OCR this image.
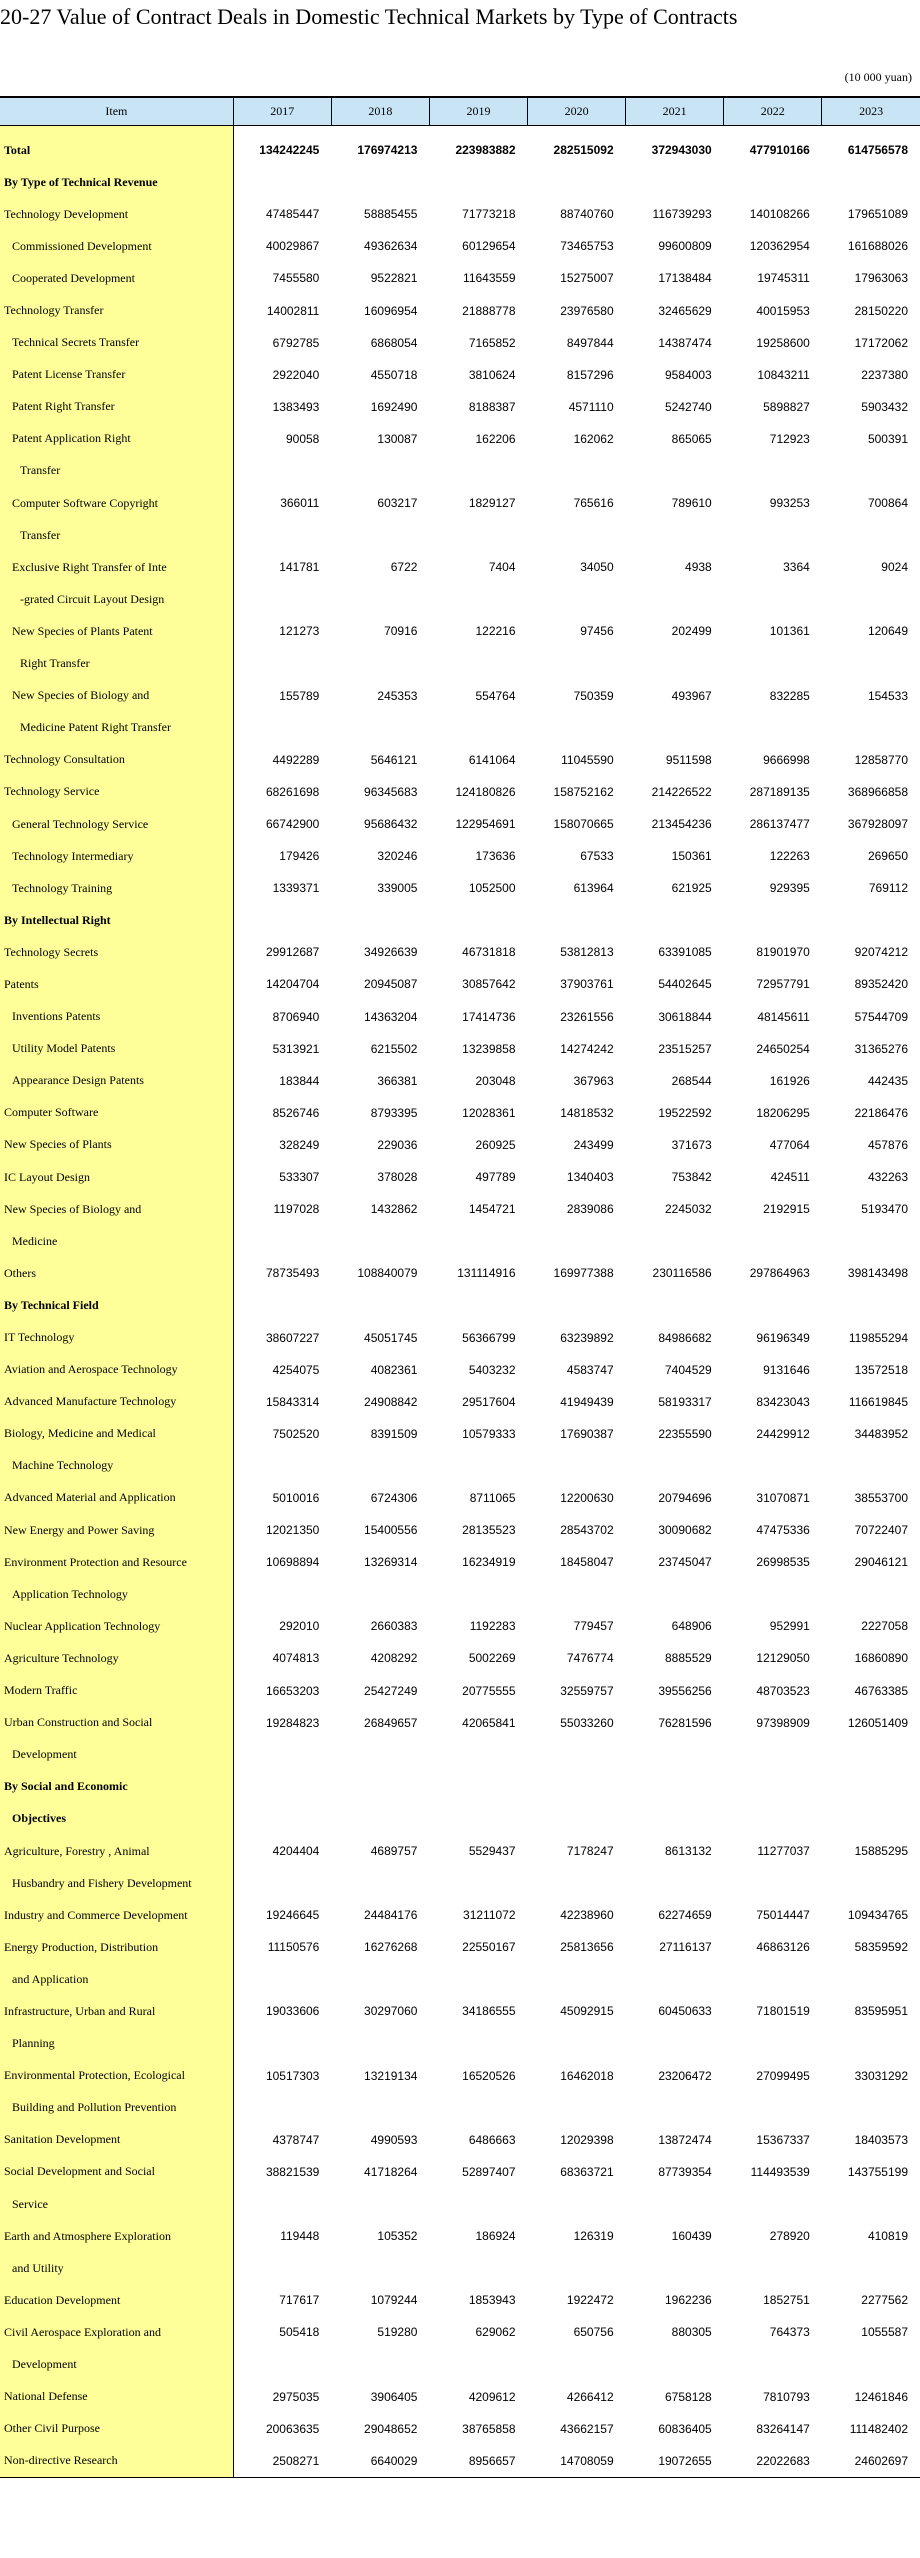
20-27 Value of Contract Deals in Domestic Technical Markets by Type of Contracts
(10 000 yuan)
Item	2017	2018	2019	2020	2021	2022	2023

Total	134242245	176974213	223983882	282515092	372943030	477910166	614756578
By Type of Technical Revenue							
Technology Development	47485447	58885455	71773218	88740760	116739293	140108266	179651089
Commissioned Development	40029867	49362634	60129654	73465753	99600809	120362954	161688026
Cooperated Development	7455580	9522821	11643559	15275007	17138484	19745311	17963063
Technology Transfer	14002811	16096954	21888778	23976580	32465629	40015953	28150220
Technical Secrets Transfer	6792785	6868054	7165852	8497844	14387474	19258600	17172062
Patent License Transfer	2922040	4550718	3810624	8157296	9584003	10843211	2237380
Patent Right Transfer	1383493	1692490	8188387	4571110	5242740	5898827	5903432
Patent Application Right	90058	130087	162206	162062	865065	712923	500391
Transfer							
Computer Software Copyright	366011	603217	1829127	765616	789610	993253	700864
Transfer							
Exclusive Right Transfer of Inte	141781	6722	7404	34050	4938	3364	9024
-grated Circuit Layout Design							
New Species of Plants Patent	121273	70916	122216	97456	202499	101361	120649
Right Transfer							
New Species of Biology and	155789	245353	554764	750359	493967	832285	154533
Medicine Patent Right Transfer							
Technology Consultation	4492289	5646121	6141064	11045590	9511598	9666998	12858770
Technology Service	68261698	96345683	124180826	158752162	214226522	287189135	368966858
General Technology Service	66742900	95686432	122954691	158070665	213454236	286137477	367928097
Technology Intermediary	179426	320246	173636	67533	150361	122263	269650
Technology Training	1339371	339005	1052500	613964	621925	929395	769112
By Intellectual Right							
Technology Secrets	29912687	34926639	46731818	53812813	63391085	81901970	92074212
Patents	14204704	20945087	30857642	37903761	54402645	72957791	89352420
Inventions Patents	8706940	14363204	17414736	23261556	30618844	48145611	57544709
Utility Model Patents	5313921	6215502	13239858	14274242	23515257	24650254	31365276
Appearance Design Patents	183844	366381	203048	367963	268544	161926	442435
Computer Software	8526746	8793395	12028361	14818532	19522592	18206295	22186476
New Species of Plants	328249	229036	260925	243499	371673	477064	457876
IC Layout Design	533307	378028	497789	1340403	753842	424511	432263
New Species of Biology and	1197028	1432862	1454721	2839086	2245032	2192915	5193470
Medicine							
Others	78735493	108840079	131114916	169977388	230116586	297864963	398143498
By Technical Field							
IT Technology	38607227	45051745	56366799	63239892	84986682	96196349	119855294
Aviation and Aerospace Technology	4254075	4082361	5403232	4583747	7404529	9131646	13572518
Advanced Manufacture Technology	15843314	24908842	29517604	41949439	58193317	83423043	116619845
Biology, Medicine and Medical	7502520	8391509	10579333	17690387	22355590	24429912	34483952
Machine Technology							
Advanced Material and Application	5010016	6724306	8711065	12200630	20794696	31070871	38553700
New Energy and Power Saving	12021350	15400556	28135523	28543702	30090682	47475336	70722407
Environment Protection and Resource	10698894	13269314	16234919	18458047	23745047	26998535	29046121
Application Technology							
Nuclear Application Technology	292010	2660383	1192283	779457	648906	952991	2227058
Agriculture Technology	4074813	4208292	5002269	7476774	8885529	12129050	16860890
Modern Traffic	16653203	25427249	20775555	32559757	39556256	48703523	46763385
Urban Construction and Social	19284823	26849657	42065841	55033260	76281596	97398909	126051409
Development							
By Social and Economic							
Objectives							
Agriculture, Forestry , Animal	4204404	4689757	5529437	7178247	8613132	11277037	15885295
Husbandry and Fishery Development							
Industry and Commerce Development	19246645	24484176	31211072	42238960	62274659	75014447	109434765
Energy Production, Distribution	11150576	16276268	22550167	25813656	27116137	46863126	58359592
and Application							
Infrastructure, Urban and Rural	19033606	30297060	34186555	45092915	60450633	71801519	83595951
Planning							
Environmental Protection, Ecological	10517303	13219134	16520526	16462018	23206472	27099495	33031292
Building and Pollution Prevention							
Sanitation Development	4378747	4990593	6486663	12029398	13872474	15367337	18403573
Social Development and Social	38821539	41718264	52897407	68363721	87739354	114493539	143755199
Service							
Earth and Atmosphere Exploration	119448	105352	186924	126319	160439	278920	410819
and Utility							
Education Development	717617	1079244	1853943	1922472	1962236	1852751	2277562
Civil Aerospace Exploration and	505418	519280	629062	650756	880305	764373	1055587
Development							
National Defense	2975035	3906405	4209612	4266412	6758128	7810793	12461846
Other Civil Purpose	20063635	29048652	38765858	43662157	60836405	83264147	111482402
Non-directive Research	2508271	6640029	8956657	14708059	19072655	22022683	24602697
